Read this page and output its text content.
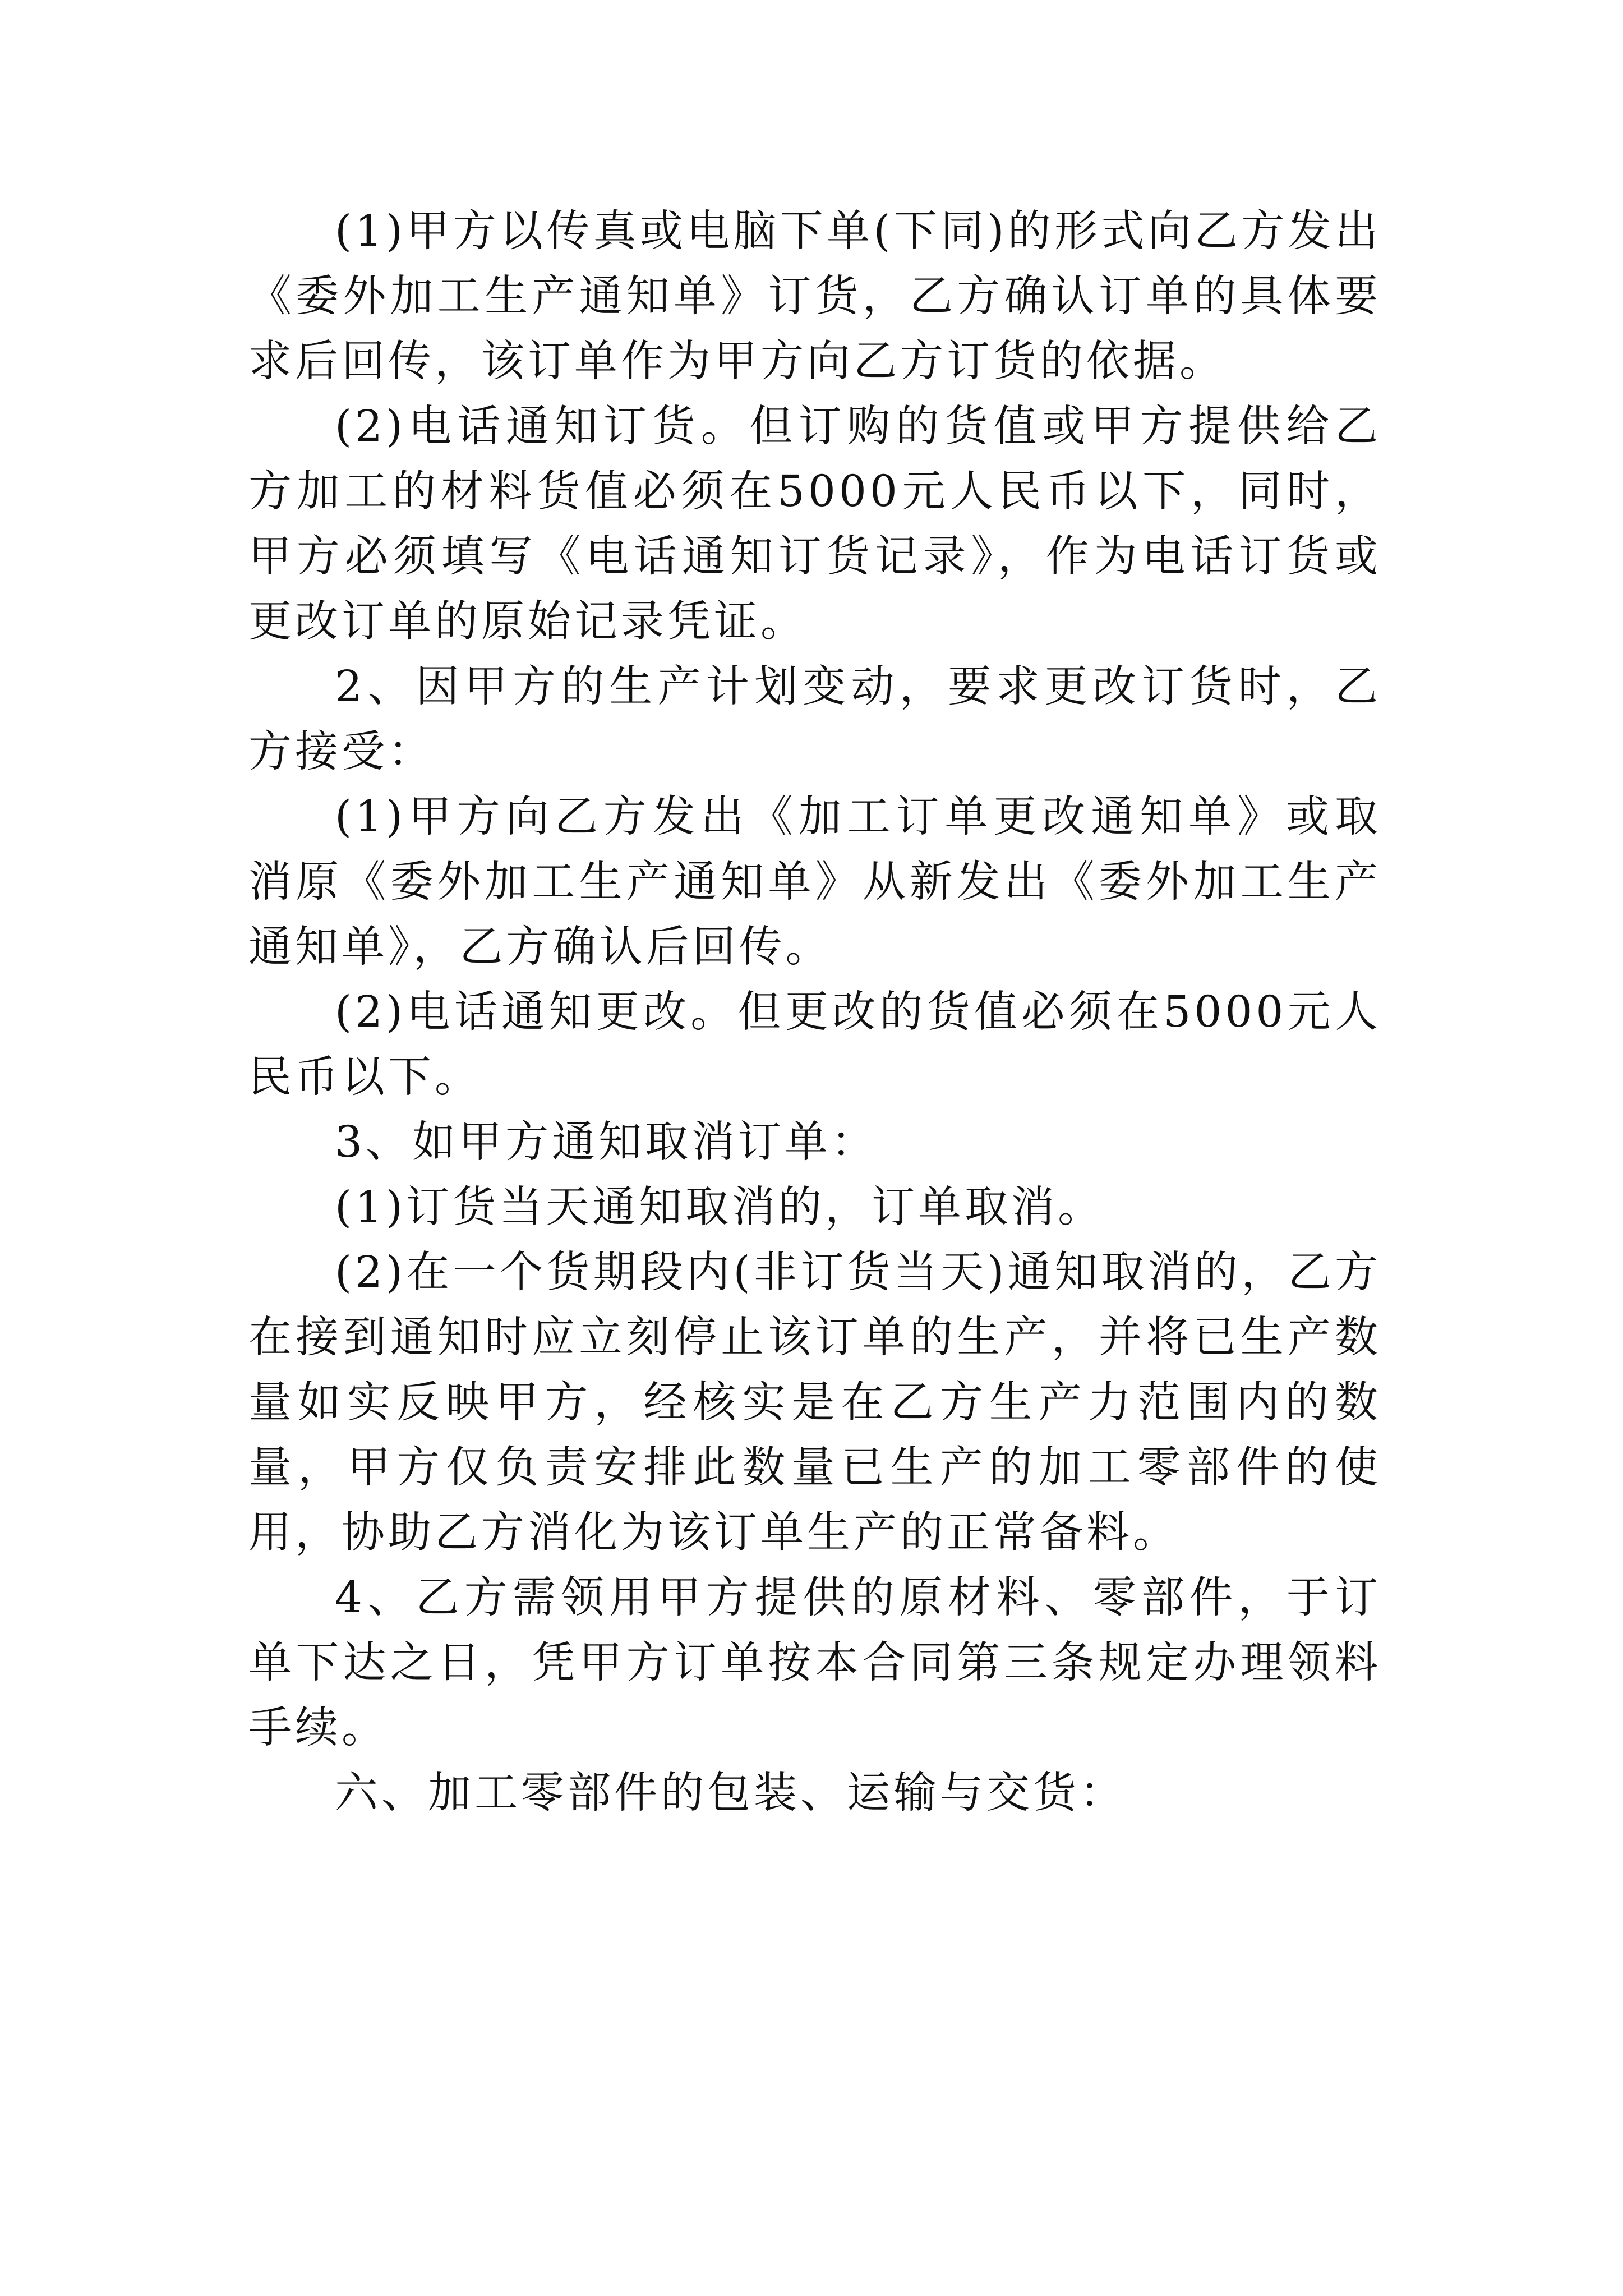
(1)甲方以传真或电脑下单(下同)的形式向乙方发出《委外加工生产通知单》订货，乙方确认订单的具体要求后回传，该订单作为甲方向乙方订货的依据。

(2)电话通知订货。但订购的货值或甲方提供给乙方加工的材料货值必须在5000元人民币以下，同时，甲方必须填写《电话通知订货记录》，作为电话订货或更改订单的原始记录凭证。

2、因甲方的生产计划变动，要求更改订货时，乙方接受：

(1)甲方向乙方发出《加工订单更改通知单》或取消原《委外加工生产通知单》从新发出《委外加工生产通知单》，乙方确认后回传。

(2)电话通知更改。但更改的货值必须在5000元人民币以下。

3、如甲方通知取消订单：

(1)订货当天通知取消的，订单取消。

(2)在一个货期段内(非订货当天)通知取消的，乙方在接到通知时应立刻停止该订单的生产，并将已生产数量如实反映甲方，经核实是在乙方生产力范围内的数量，甲方仅负责安排此数量已生产的加工零部件的使用，协助乙方消化为该订单生产的正常备料。

4、乙方需领用甲方提供的原材料、零部件，于订单下达之日，凭甲方订单按本合同第三条规定办理领料手续。

六、加工零部件的包装、运输与交货：
